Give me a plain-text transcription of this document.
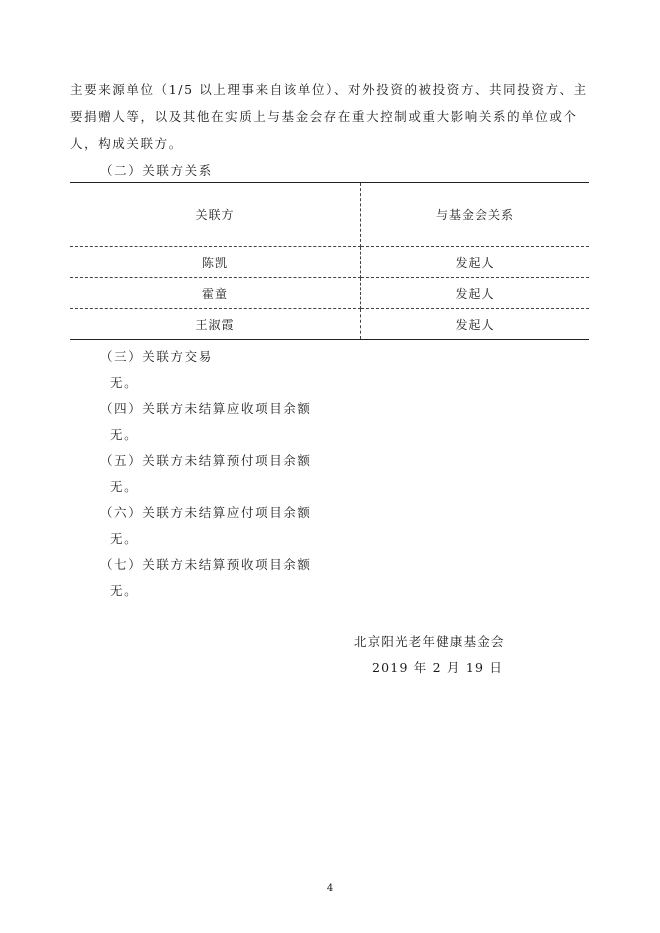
主要来源单位（1/5 以上理事来自该单位）、对外投资的被投资方、共同投资方、主
要捐赠人等，以及其他在实质上与基金会存在重大控制或重大影响关系的单位或个
人，构成关联方。
（二）关联方关系
关联方	与基金会关系
陈凯	发起人
霍童	发起人
王淑霞	发起人
（三）关联方交易
无。
（四）关联方未结算应收项目余额
无。
（五）关联方未结算预付项目余额
无。
（六）关联方未结算应付项目余额
无。
（七）关联方未结算预收项目余额
无。
北京阳光老年健康基金会
2019 年 2 月 19 日
4
